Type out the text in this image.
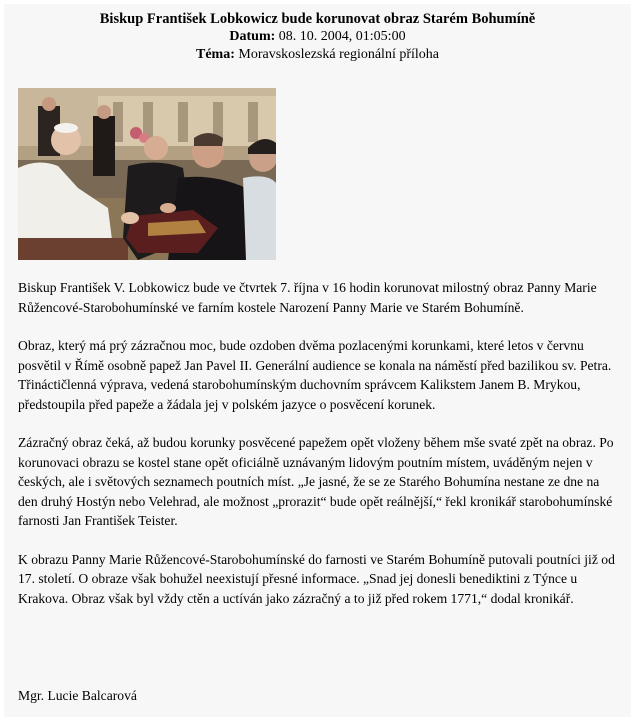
Biskup František Lobkowicz bude korunovat obraz Starém Bohumíně
Datum: 08. 10. 2004, 01:05:00
Téma: Moravskoslezská regionální příloha

Biskup František V. Lobkowicz bude ve čtvrtek 7. října v 16 hodin korunovat milostný obraz Panny Marie Růžencové-Starobohumínské ve farním kostele Narození Panny Marie ve Starém Bohumíně.

Obraz, který má prý zázračnou moc, bude ozdoben dvěma pozlacenými korunkami, které letos v červnu posvětil v Římě osobně papež Jan Pavel II. Generální audience se konala na náměstí před bazilikou sv. Petra. Třináctičlenná výprava, vedená starobohumínským duchovním správcem Kalikstem Janem B. Mrykou, předstoupila před papeže a žádala jej v polském jazyce o posvěcení korunek.

Zázračný obraz čeká, až budou korunky posvěcené papežem opět vloženy během mše svaté zpět na obraz. Po korunovaci obrazu se kostel stane opět oficiálně uznávaným lidovým poutním místem, uváděným nejen v českých, ale i světových seznamech poutních míst. „Je jasné, že se ze Starého Bohumína nestane ze dne na den druhý Hostýn nebo Velehrad, ale možnost „prorazit“ bude opět reálnější,“ řekl kronikář starobohumínské farnosti Jan František Teister.

K obrazu Panny Marie Růžencové-Starobohumínské do farnosti ve Starém Bohumíně putovali poutníci již od 17. století. O obraze však bohužel neexistují přesné informace. „Snad jej donesli benediktini z Týnce u Krakova. Obraz však byl vždy ctěn a uctíván jako zázračný a to již před rokem 1771,“ dodal kronikář.

Mgr. Lucie Balcarová
